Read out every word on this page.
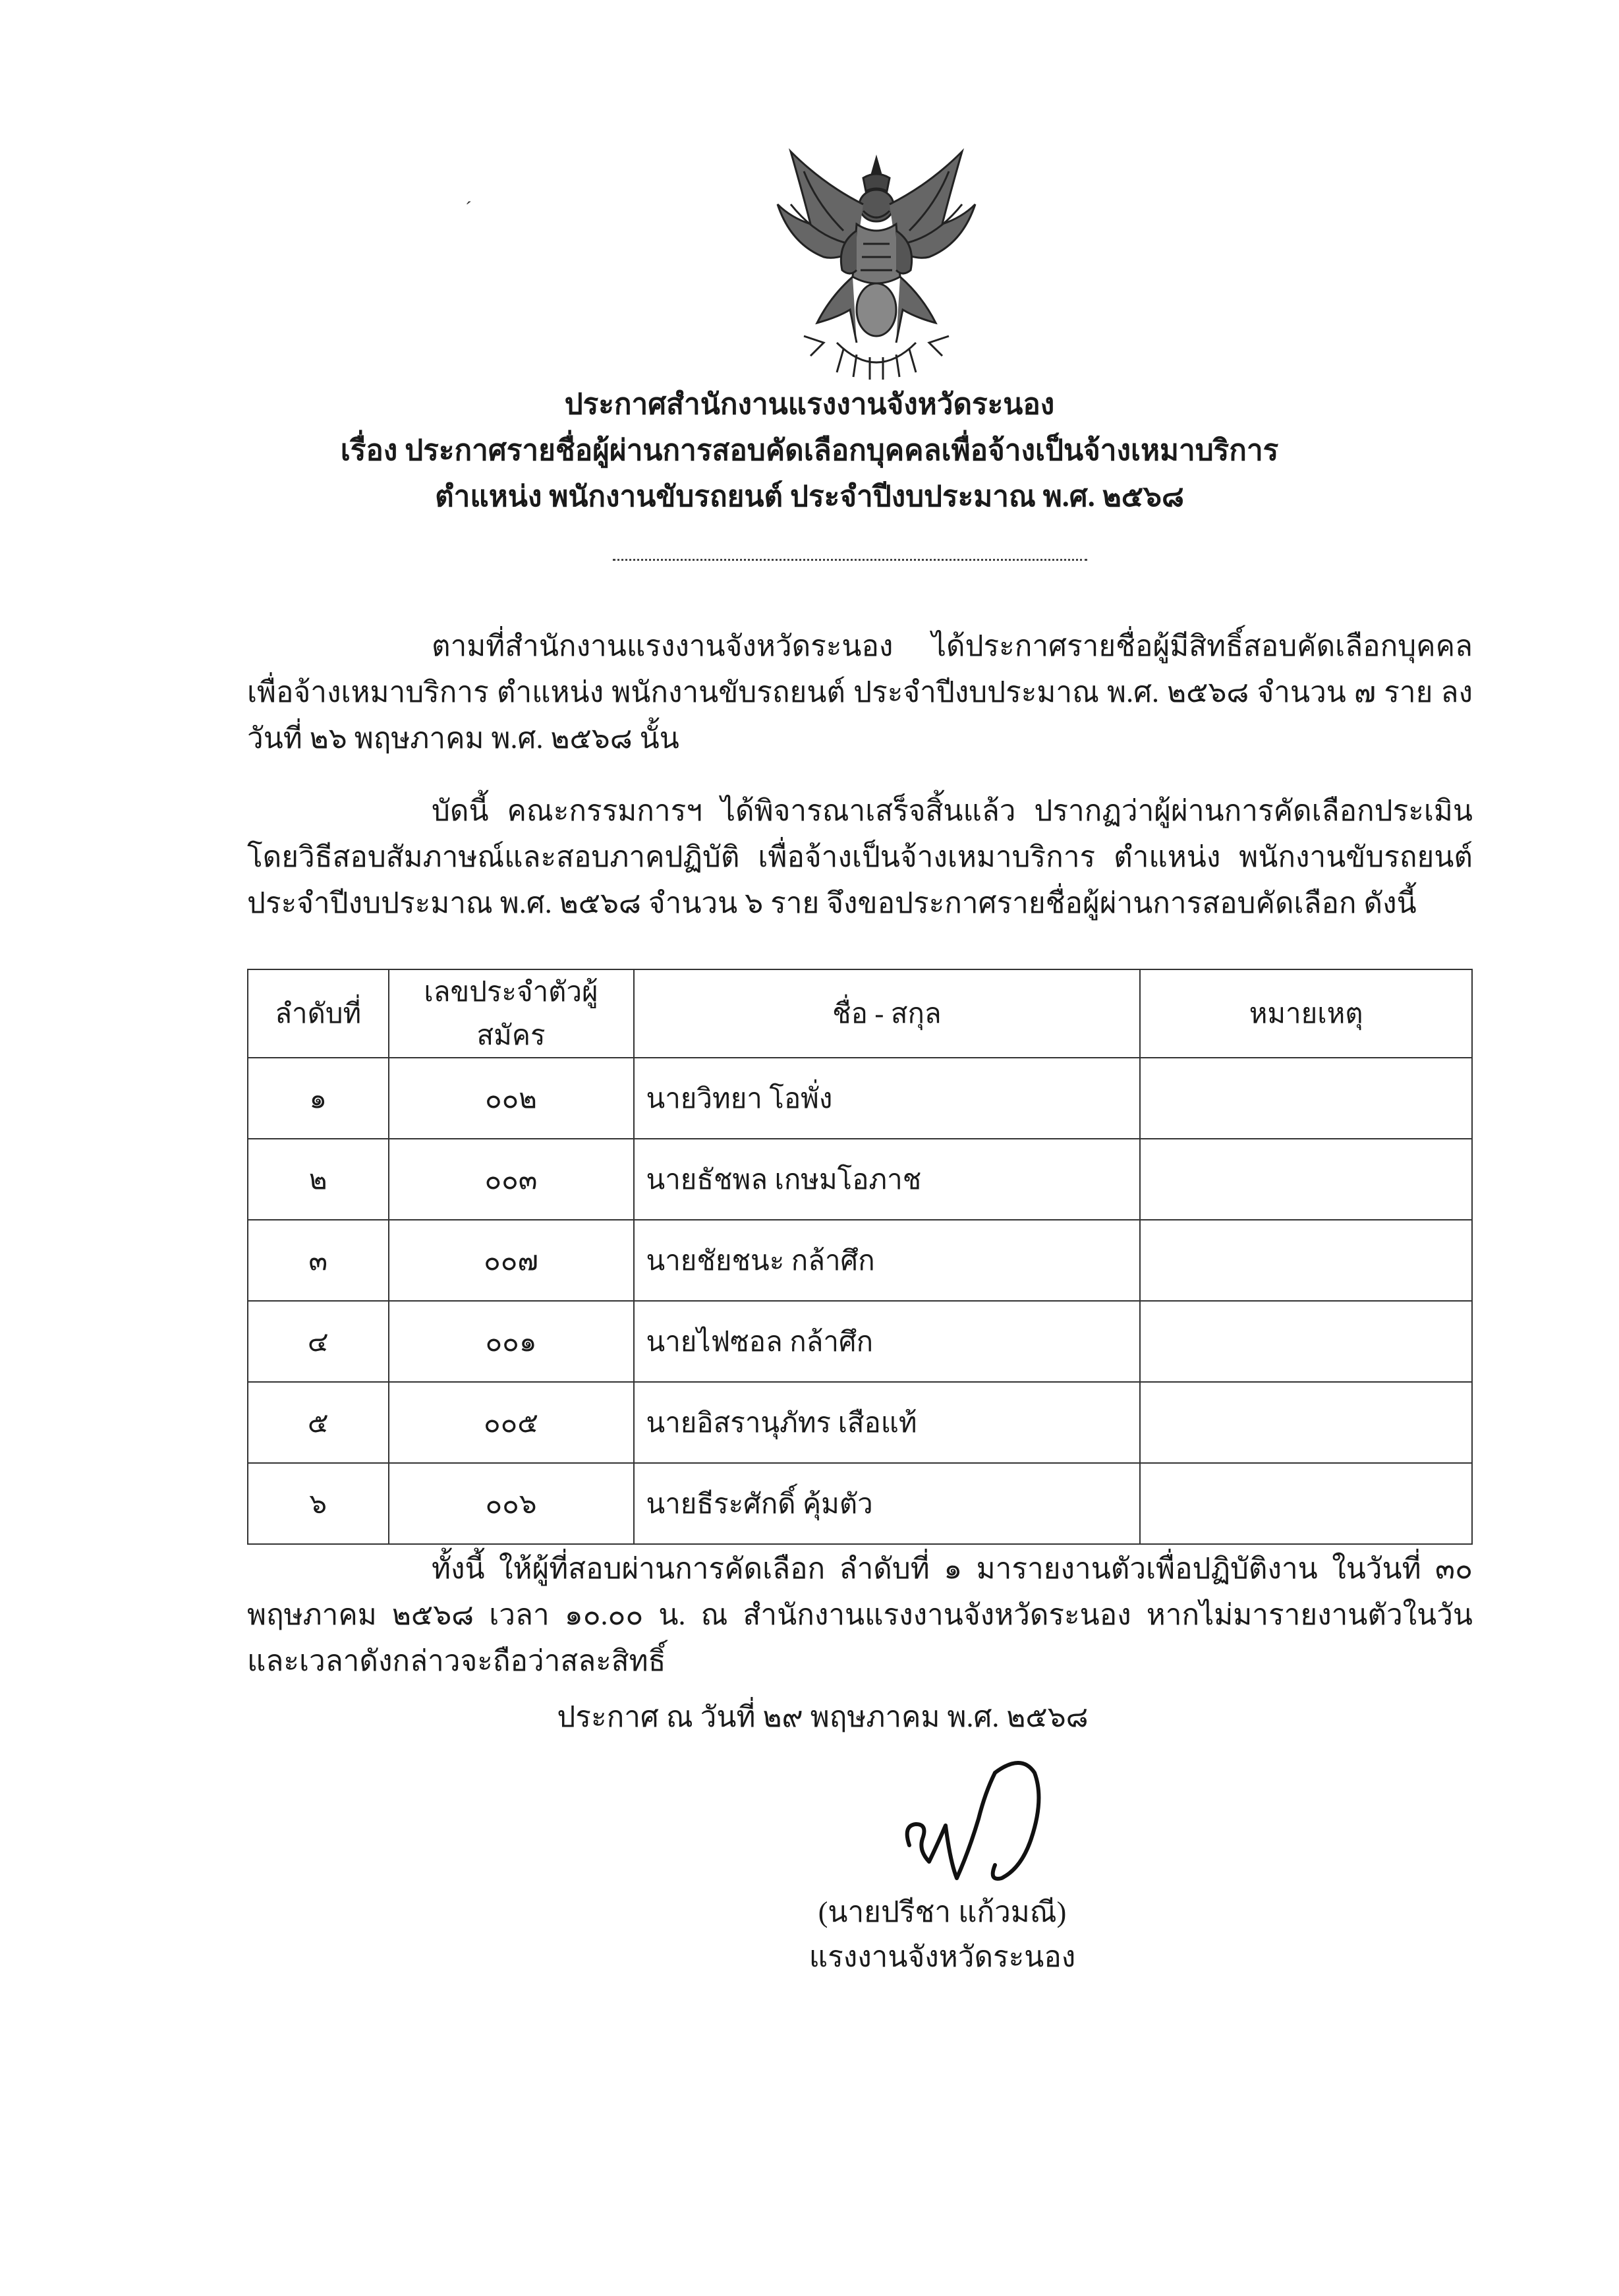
´
ประกาศสำนักงานแรงงานจังหวัดระนอง
เรื่อง ประกาศรายชื่อผู้ผ่านการสอบคัดเลือกบุคคลเพื่อจ้างเป็นจ้างเหมาบริการ
ตำแหน่ง พนักงานขับรถยนต์ ประจำปีงบประมาณ พ.ศ. ๒๕๖๘
ตามที่สำนักงานแรงงานจังหวัดระนอง ได้ประกาศรายชื่อผู้มีสิทธิ์สอบคัดเลือกบุคคลเพื่อจ้างเหมาบริการ ตำแหน่ง พนักงานขับรถยนต์ ประจำปีงบประมาณ พ.ศ. ๒๕๖๘ จำนวน ๗ ราย ลงวันที่ ๒๖ พฤษภาคม พ.ศ. ๒๕๖๘ นั้น
บัดนี้ คณะกรรมการฯ ได้พิจารณาเสร็จสิ้นแล้ว ปรากฏว่าผู้ผ่านการคัดเลือกประเมินโดยวิธีสอบสัมภาษณ์และสอบภาคปฏิบัติ เพื่อจ้างเป็นจ้างเหมาบริการ ตำแหน่ง พนักงานขับรถยนต์ ประจำปีงบประมาณ พ.ศ. ๒๕๖๘ จำนวน ๖ ราย จึงขอประกาศรายชื่อผู้ผ่านการสอบคัดเลือก ดังนี้
ลำดับที่	เลขประจำตัวผู้สมัคร	ชื่อ - สกุล	หมายเหตุ
๑	๐๐๒	นายวิทยา โอพั่ง	
๒	๐๐๓	นายธัชพล เกษมโอภาช	
๓	๐๐๗	นายชัยชนะ กล้าศึก	
๔	๐๐๑	นายไฟซอล กล้าศึก	
๕	๐๐๕	นายอิสรานุภัทร เสือแท้	
๖	๐๐๖	นายธีระศักดิ์ คุ้มตัว	
ทั้งนี้ ให้ผู้ที่สอบผ่านการคัดเลือก ลำดับที่ ๑ มารายงานตัวเพื่อปฏิบัติงาน ในวันที่ ๓๐ พฤษภาคม ๒๕๖๘ เวลา ๑๐.๐๐ น. ณ สำนักงานแรงงานจังหวัดระนอง หากไม่มารายงานตัวในวัน และเวลาดังกล่าวจะถือว่าสละสิทธิ์
ประกาศ ณ วันที่ ๒๙ พฤษภาคม พ.ศ. ๒๕๖๘
(นายปรีชา แก้วมณี)
แรงงานจังหวัดระนอง
